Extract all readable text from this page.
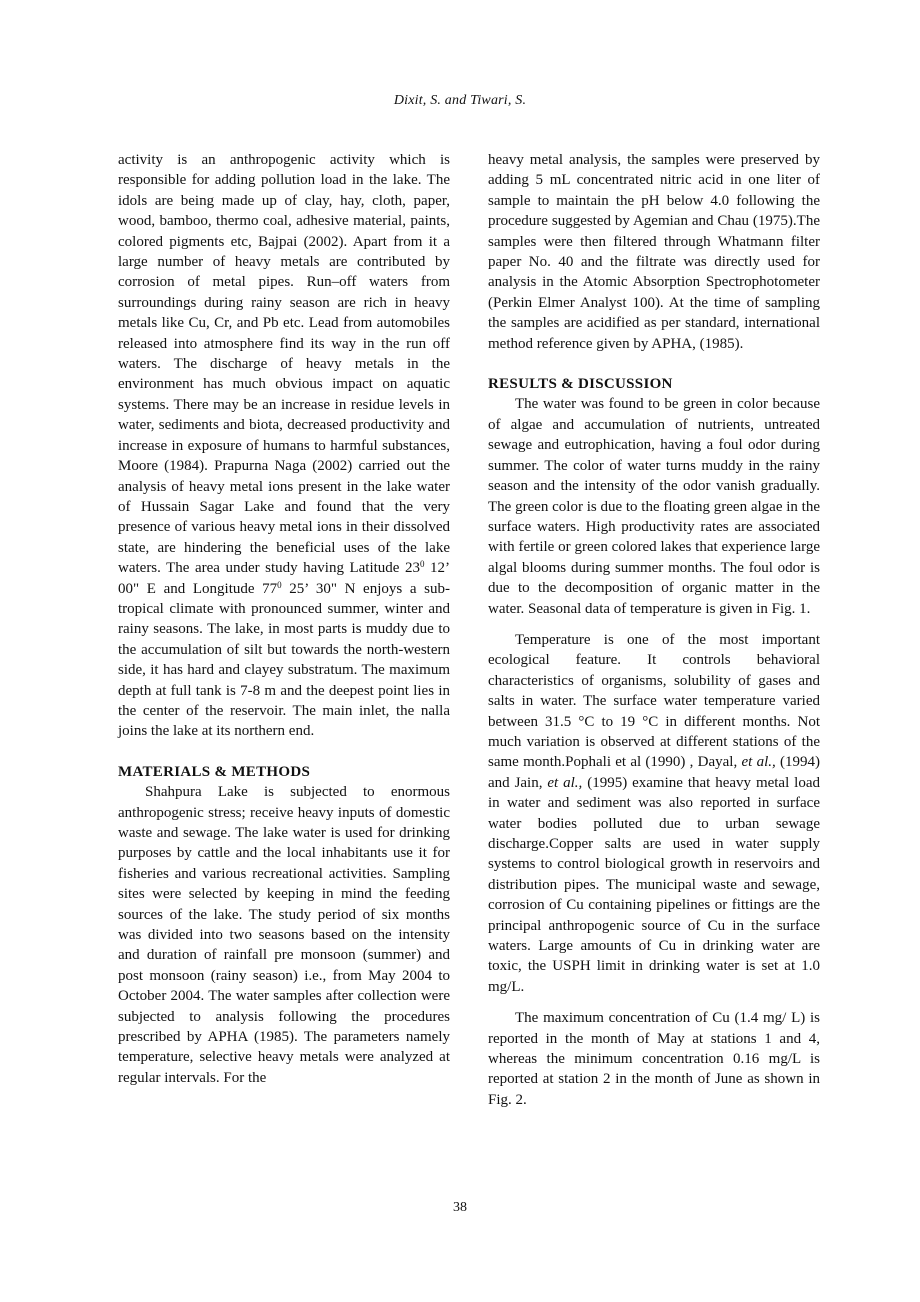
Dixit, S. and Tiwari, S.

activity is an anthropogenic activity which is responsible for adding pollution load in the lake. The idols are being made up of clay, hay, cloth, paper, wood, bamboo, thermo coal, adhesive material, paints, colored pigments etc, Bajpai (2002). Apart from it a large number of heavy metals are contributed by corrosion of metal pipes. Run–off waters from surroundings during rainy season are rich in heavy metals like Cu, Cr, and Pb etc. Lead from automobiles released into atmosphere find its way in the run off waters. The discharge of heavy metals in the environment has much obvious impact on aquatic systems. There may be an increase in residue levels in water, sediments and biota, decreased productivity and increase in exposure of humans to harmful substances, Moore (1984). Prapurna Naga (2002) carried out the analysis of heavy metal ions present in the lake water of Hussain Sagar Lake and found that the very presence of various heavy metal ions in their dissolved state, are hindering the beneficial uses of the lake waters. The area under study having Latitude $23^0$ 12’ 00" E and Longitude $77^0$ 25’ 30" N enjoys a sub-tropical climate with pronounced summer, winter and rainy seasons. The lake, in most parts is muddy due to the accumulation of silt but towards the north-western side, it has hard and clayey substratum. The maximum depth at full tank is 7-8 m and the deepest point lies in the center of the reservoir. The main inlet, the nalla joins the lake at its northern end.

MATERIALS & METHODS

Shahpura Lake is subjected to enormous anthropogenic stress; receive heavy inputs of domestic waste and sewage. The lake water is used for drinking purposes by cattle and the local inhabitants use it for fisheries and various recreational activities. Sampling sites were selected by keeping in mind the feeding sources of the lake. The study period of six months was divided into two seasons based on the intensity and duration of rainfall pre monsoon (summer) and post monsoon (rainy season) i.e., from May 2004 to October 2004. The water samples after collection were subjected to analysis following the procedures prescribed by APHA (1985). The parameters namely temperature, selective heavy metals were analyzed at regular intervals. For the

heavy metal analysis, the samples were preserved by adding 5 mL concentrated nitric acid in one liter of sample to maintain the pH below 4.0 following the procedure suggested by Agemian and Chau (1975).The samples were then filtered through Whatmann filter paper No. 40 and the filtrate was directly used for analysis in the Atomic Absorption Spectrophotometer (Perkin Elmer Analyst 100). At the time of sampling the samples are acidified as per standard, international method reference given by APHA, (1985).

RESULTS & DISCUSSION

The water was found to be green in color because of algae and accumulation of nutrients, untreated sewage and eutrophication, having a foul odor during summer. The color of water turns muddy in the rainy season and the intensity of the odor vanish gradually. The green color is due to the floating green algae in the surface waters. High productivity rates are associated with fertile or green colored lakes that experience large algal blooms during summer months. The foul odor is due to the decomposition of organic matter in the water. Seasonal data of temperature is given in Fig. 1.

Temperature is one of the most important ecological feature. It controls behavioral characteristics of organisms, solubility of gases and salts in water. The surface water temperature varied between 31.5 °C to 19 °C in different months. Not much variation is observed at different stations of the same month.Pophali et al (1990) , Dayal, et al., (1994) and Jain, et al., (1995) examine that heavy metal load in water and sediment was also reported in surface water bodies polluted due to urban sewage discharge.Copper salts are used in water supply systems to control biological growth in reservoirs and distribution pipes. The municipal waste and sewage, corrosion of Cu containing pipelines or fittings are the principal anthropogenic source of Cu in the surface waters. Large amounts of Cu in drinking water are toxic, the USPH limit in drinking water is set at 1.0 mg/L.

The maximum concentration of Cu (1.4 mg/ L) is reported in the month of May at stations 1 and 4, whereas the minimum concentration 0.16 mg/L is reported at station 2 in the month of June as shown in Fig. 2.

38
